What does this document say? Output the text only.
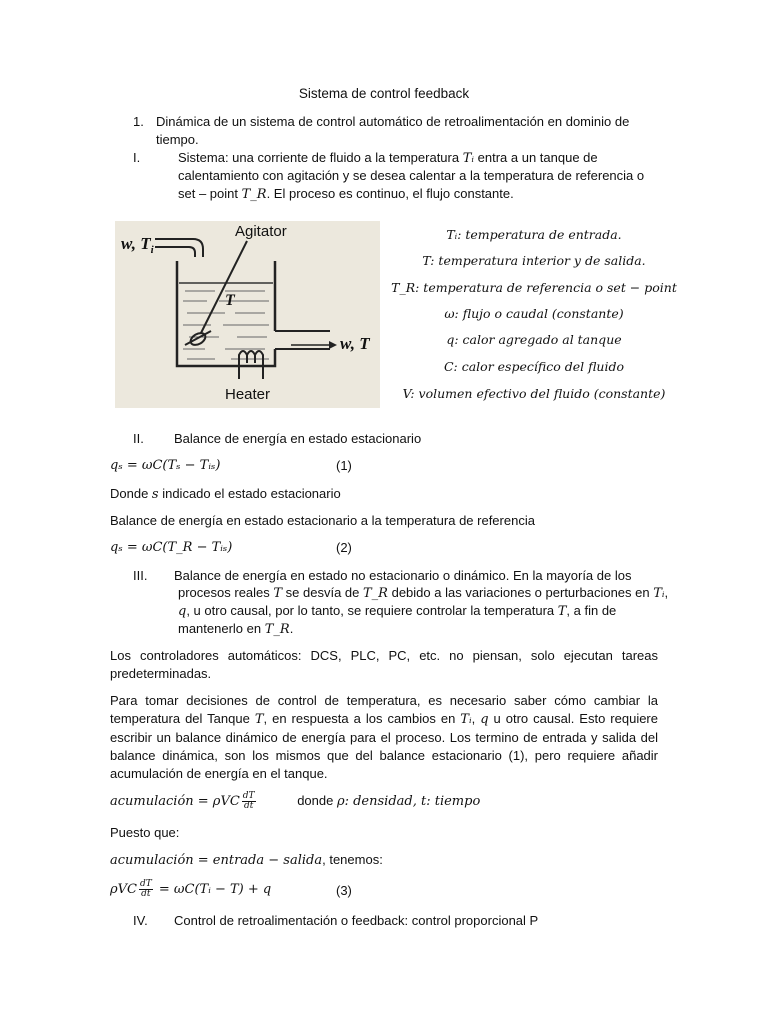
Sistema de control feedback
1. Dinámica de un sistema de control automático de retroalimentación en dominio de
tiempo.
I.	Sistema: una corriente de fluido a la temperatura Tᵢ entra a un tanque de
calentamiento con agitación y se desea calentar a la temperatura de referencia o
set – point T_R. El proceso es continuo, el flujo constante.
w, $T_i$
Agitator
T
w, T
Heater
Tᵢ: temperatura de entrada.
T: temperatura interior y de salida.
T_R: temperatura de referencia o set − point
ω: flujo o caudal (constante)
q: calor agregado al tanque
C: calor específico del fluido
V: volumen efectivo del fluido (constante)
II. Balance de energía en estado estacionario
qₛ = ωC(Tₛ − Tᵢₛ)	(1)
Donde s indicado el estado estacionario
Balance de energía en estado estacionario a la temperatura de referencia
qₛ = ωC(T_R − Tᵢₛ)	(2)
III. Balance de energía en estado no estacionario o dinámico. En la mayoría de los
procesos reales T se desvía de T_R debido a las variaciones o perturbaciones en Tᵢ,
q, u otro causal, por lo tanto, se requiere controlar la temperatura T, a fin de
mantenerlo en T_R.
Los controladores automáticos: DCS, PLC, PC, etc. no piensan, solo ejecutan tareas predeterminadas.
Para tomar decisiones de control de temperatura, es necesario saber cómo cambiar la temperatura del Tanque T, en respuesta a los cambios en Tᵢ, q u otro causal. Esto requiere escribir un balance dinámico de energía para el proceso. Los termino de entrada y salida del balance dinámica, son los mismos que del balance estacionario (1), pero requiere añadir acumulación de energía en el tanque.
acumulación = ρVC $\frac{dT}{dt}$	donde ρ: densidad, t: tiempo
Puesto que:
acumulación = entrada − salida, tenemos:
ρVC $\frac{dT}{dt}$ = ωC(Tᵢ − T) + q	(3)
IV. Control de retroalimentación o feedback: control proporcional P
